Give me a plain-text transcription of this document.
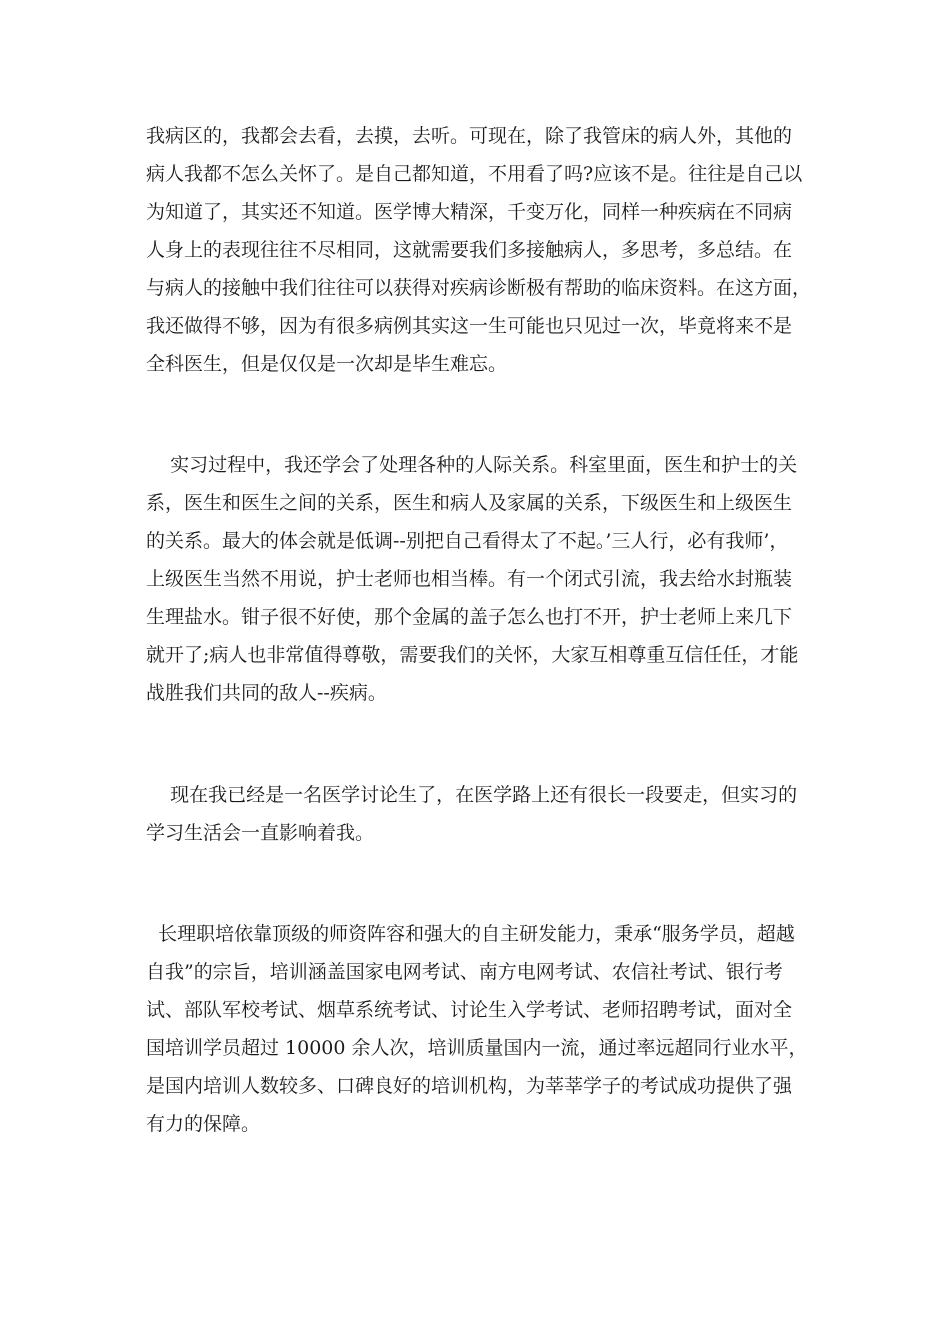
我病区的，我都会去看，去摸，去听。可现在，除了我管床的病人外，其他的
病人我都不怎么关怀了。是自己都知道，不用看了吗?应该不是。往往是自己以
为知道了，其实还不知道。医学博大精深，千变万化，同样一种疾病在不同病
人身上的表现往往不尽相同，这就需要我们多接触病人，多思考，多总结。在
与病人的接触中我们往往可以获得对疾病诊断极有帮助的临床资料。在这方面，
我还做得不够，因为有很多病例其实这一生可能也只见过一次，毕竟将来不是
全科医生，但是仅仅是一次却是毕生难忘。
实习过程中，我还学会了处理各种的人际关系。科室里面，医生和护士的关
系，医生和医生之间的关系，医生和病人及家属的关系，下级医生和上级医生
的关系。最大的体会就是低调--别把自己看得太了不起。’三人行，必有我师’，
上级医生当然不用说，护士老师也相当棒。有一个闭式引流，我去给水封瓶装
生理盐水。钳子很不好使，那个金属的盖子怎么也打不开，护士老师上来几下
就开了;病人也非常值得尊敬，需要我们的关怀，大家互相尊重互信任任，才能
战胜我们共同的敌人--疾病。
现在我已经是一名医学讨论生了，在医学路上还有很长一段要走，但实习的
学习生活会一直影响着我。
长理职培依靠顶级的师资阵容和强大的自主研发能力，秉承“服务学员，超越
自我”的宗旨，培训涵盖国家电网考试、南方电网考试、农信社考试、银行考
试、部队军校考试、烟草系统考试、讨论生入学考试、老师招聘考试，面对全
国培训学员超过 10000 余人次，培训质量国内一流，通过率远超同行业水平，
是国内培训人数较多、口碑良好的培训机构，为莘莘学子的考试成功提供了强
有力的保障。
